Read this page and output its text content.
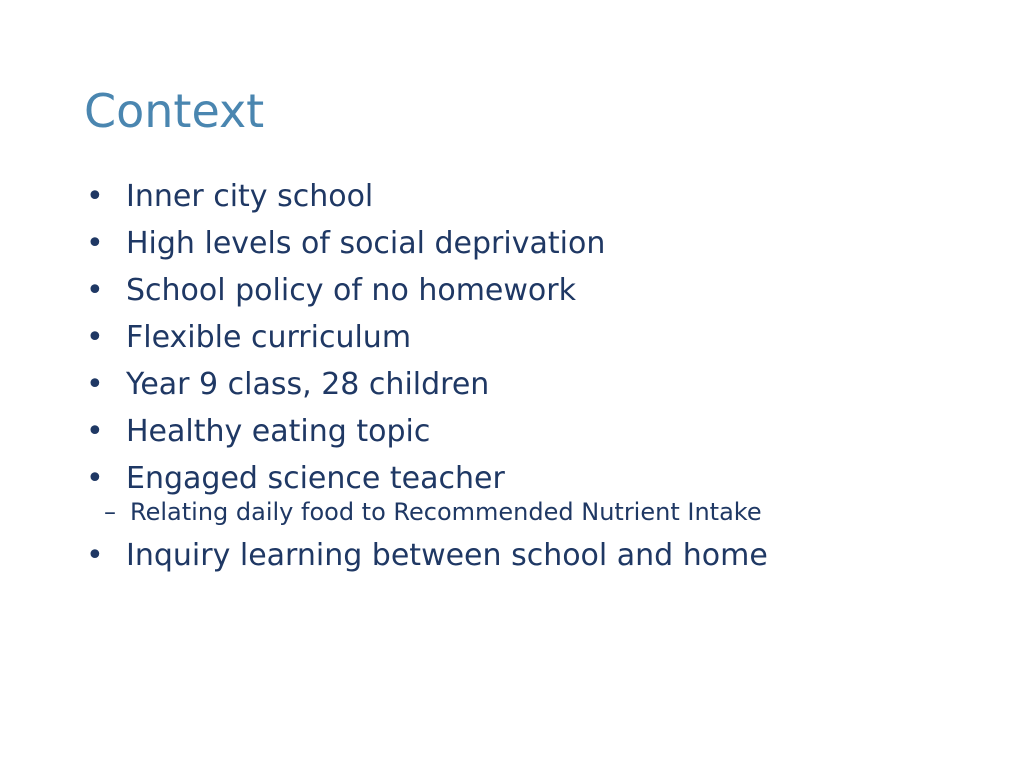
Context
• Inner city school
• High levels of social deprivation
• School policy of no homework
• Flexible curriculum
• Year 9 class, 28 children
• Healthy eating topic
• Engaged science teacher
– Relating daily food to Recommended Nutrient Intake
• Inquiry learning between school and home
